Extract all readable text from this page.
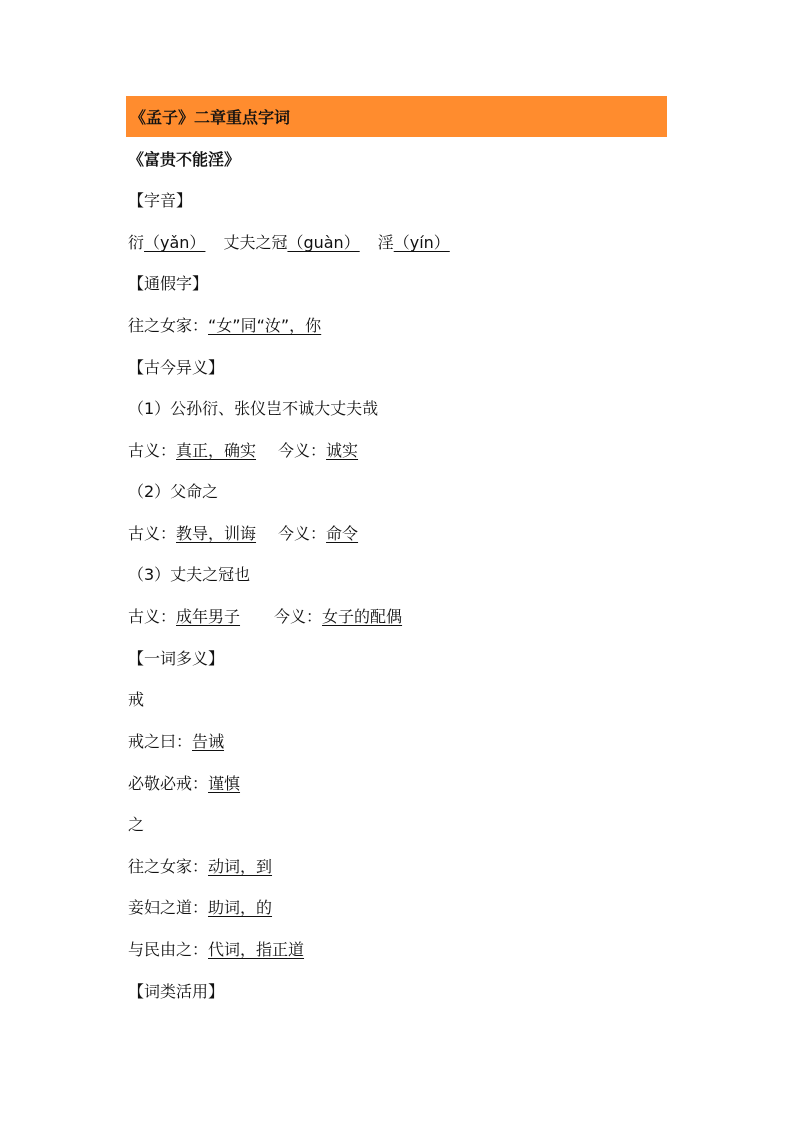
《孟子》二章重点字词
《富贵不能淫》
【字音】
衍（yǎn） 丈夫之冠（guàn） 淫（yín）
【通假字】
往之女家：“女”同“汝”，你
【古今异义】
（1）公孙衍、张仪岂不诚大丈夫哉
古义：真正，确实 今义：诚实
（2）父命之
古义：教导，训诲 今义：命令
（3）丈夫之冠也
古义：成年男子 今义：女子的配偶
【一词多义】
戒
戒之曰：告诫
必敬必戒：谨慎
之
往之女家：动词，到
妾妇之道：助词，的
与民由之：代词，指正道
【词类活用】
